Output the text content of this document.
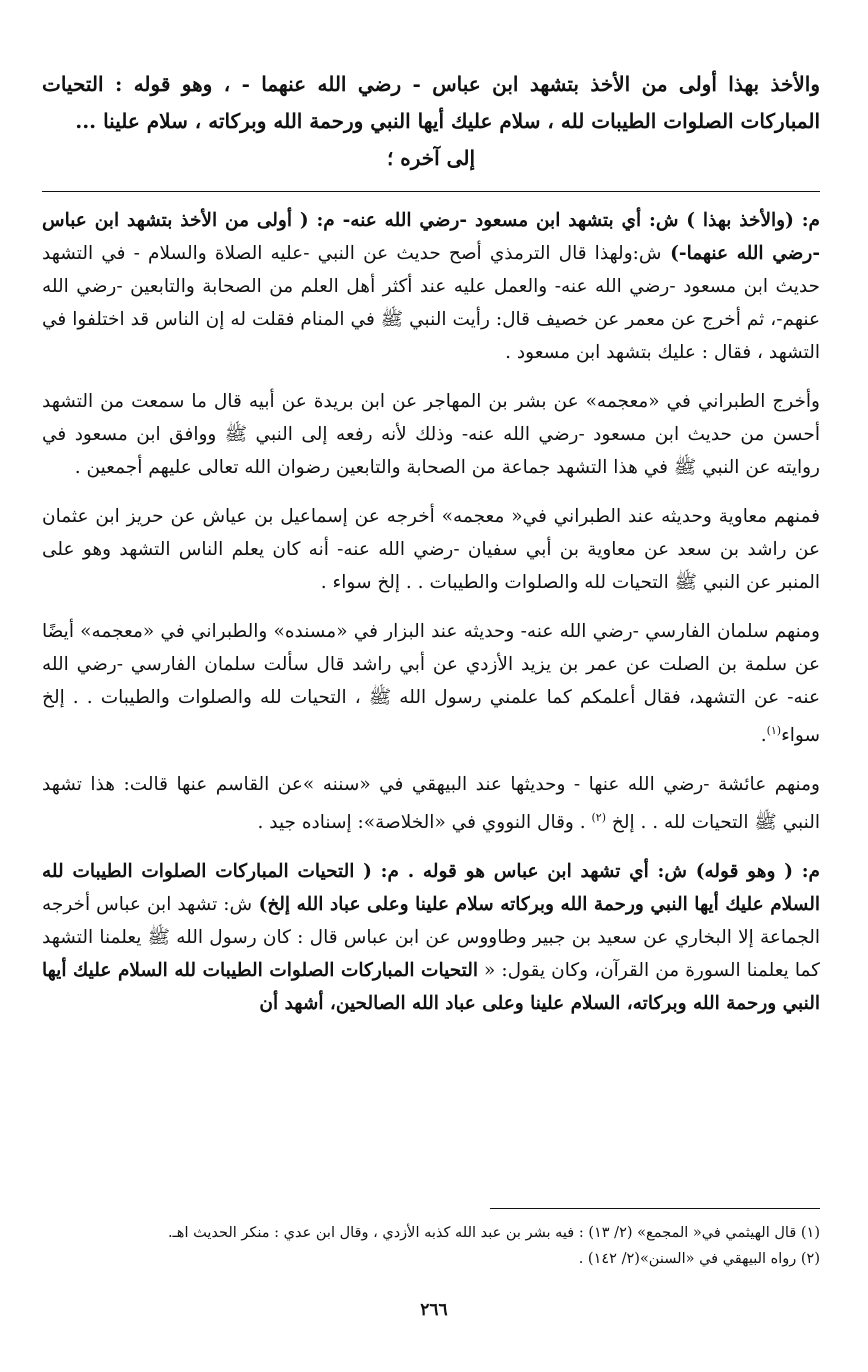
والأخذ بهذا أولى من الأخذ بتشهد ابن عباس - رضي الله عنهما - ، وهو قوله : التحيات المباركات الصلوات الطيبات لله ، سلام عليك أيها النبي ورحمة الله وبركاته ، سلام علينا ...
إلى آخره ؛

م: (والأخذ بهذا ) ش: أي بتشهد ابن مسعود -رضي الله عنه- م: ( أولى من الأخذ بتشهد ابن عباس -رضي الله عنهما-) ش:ولهذا قال الترمذي أصح حديث عن النبي -عليه الصلاة والسلام - في التشهد حديث ابن مسعود -رضي الله عنه- والعمل عليه عند أكثر أهل العلم من الصحابة والتابعين -رضي الله عنهم-، ثم أخرج عن معمر عن خصيف قال: رأيت النبي ﷺ في المنام فقلت له إن الناس قد اختلفوا في التشهد ، فقال : عليك بتشهد ابن مسعود .

وأخرج الطبراني في «معجمه» عن بشر بن المهاجر عن ابن بريدة عن أبيه قال ما سمعت من التشهد أحسن من حديث ابن مسعود -رضي الله عنه- وذلك لأنه رفعه إلى النبي ﷺ ووافق ابن مسعود في روايته عن النبي ﷺ في هذا التشهد جماعة من الصحابة والتابعين رضوان الله تعالى عليهم أجمعين .

فمنهم معاوية وحديثه عند الطبراني في« معجمه» أخرجه عن إسماعيل بن عياش عن حريز ابن عثمان عن راشد بن سعد عن معاوية بن أبي سفيان -رضي الله عنه- أنه كان يعلم الناس التشهد وهو على المنبر عن النبي ﷺ التحيات لله والصلوات والطيبات . . إلخ سواء .

ومنهم سلمان الفارسي -رضي الله عنه- وحديثه عند البزار في «مسنده» والطبراني في «معجمه» أيضًا عن سلمة بن الصلت عن عمر بن يزيد الأزدي عن أبي راشد قال سألت سلمان الفارسي -رضي الله عنه- عن التشهد، فقال أعلمكم كما علمني رسول الله ﷺ ، التحيات لله والصلوات والطيبات . . إلخ سواء$^{(١)}$.

ومنهم عائشة -رضي الله عنها - وحديثها عند البيهقي في «سننه »عن القاسم عنها قالت: هذا تشهد النبي ﷺ التحيات لله . . إلخ $^{(٢)}$ . وقال النووي في «الخلاصة»: إسناده جيد .

م: ( وهو قوله) ش: أي تشهد ابن عباس هو قوله . م: ( التحيات المباركات الصلوات الطيبات لله السلام عليك أيها النبي ورحمة الله وبركاته سلام علينا وعلى عباد الله إلخ) ش: تشهد ابن عباس أخرجه الجماعة إلا البخاري عن سعيد بن جبير وطاووس عن ابن عباس قال : كان رسول الله ﷺ يعلمنا التشهد كما يعلمنا السورة من القرآن، وكان يقول: « التحيات المباركات الصلوات الطيبات لله السلام عليك أيها النبي ورحمة الله وبركاته، السلام علينا وعلى عباد الله الصالحين، أشهد أن

(١) قال الهيثمي في« المجمع» (٢/ ١٣) : فيه بشر بن عبد الله كذبه الأزدي ، وقال ابن عدي : منكر الحديث اهـ.
(٢) رواه البيهقي في «السنن»(٢/ ١٤٢) .
٢٦٦
